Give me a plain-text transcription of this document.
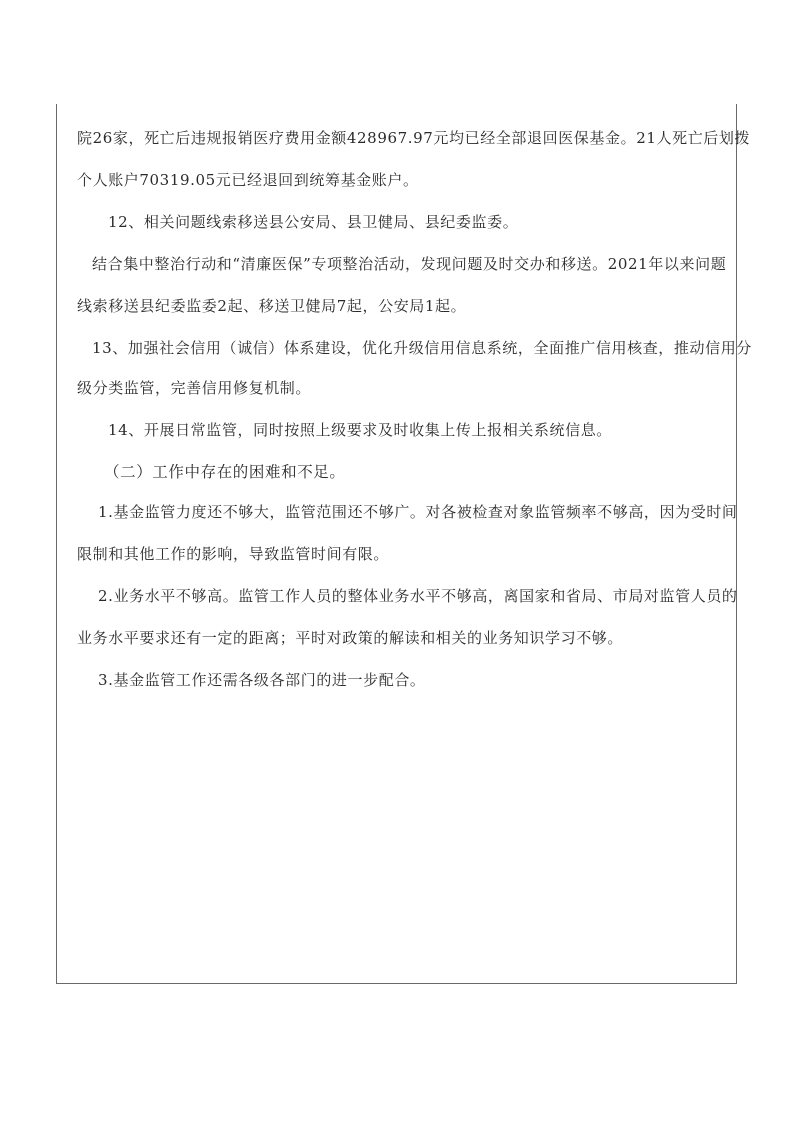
院26家，死亡后违规报销医疗费用金额428967.97元均已经全部退回医保基金。21人死亡后划拨
个人账户70319.05元已经退回到统筹基金账户。
12、相关问题线索移送县公安局、县卫健局、县纪委监委。
结合集中整治行动和“清廉医保”专项整治活动，发现问题及时交办和移送。2021年以来问题
线索移送县纪委监委2起、移送卫健局7起，公安局1起。
13、加强社会信用（诚信）体系建设，优化升级信用信息系统，全面推广信用核查，推动信用分
级分类监管，完善信用修复机制。
14、开展日常监管，同时按照上级要求及时收集上传上报相关系统信息。
（二）工作中存在的困难和不足。
1.基金监管力度还不够大，监管范围还不够广。对各被检查对象监管频率不够高，因为受时间
限制和其他工作的影响，导致监管时间有限。
2.业务水平不够高。监管工作人员的整体业务水平不够高，离国家和省局、市局对监管人员的
业务水平要求还有一定的距离；平时对政策的解读和相关的业务知识学习不够。
3.基金监管工作还需各级各部门的进一步配合。
